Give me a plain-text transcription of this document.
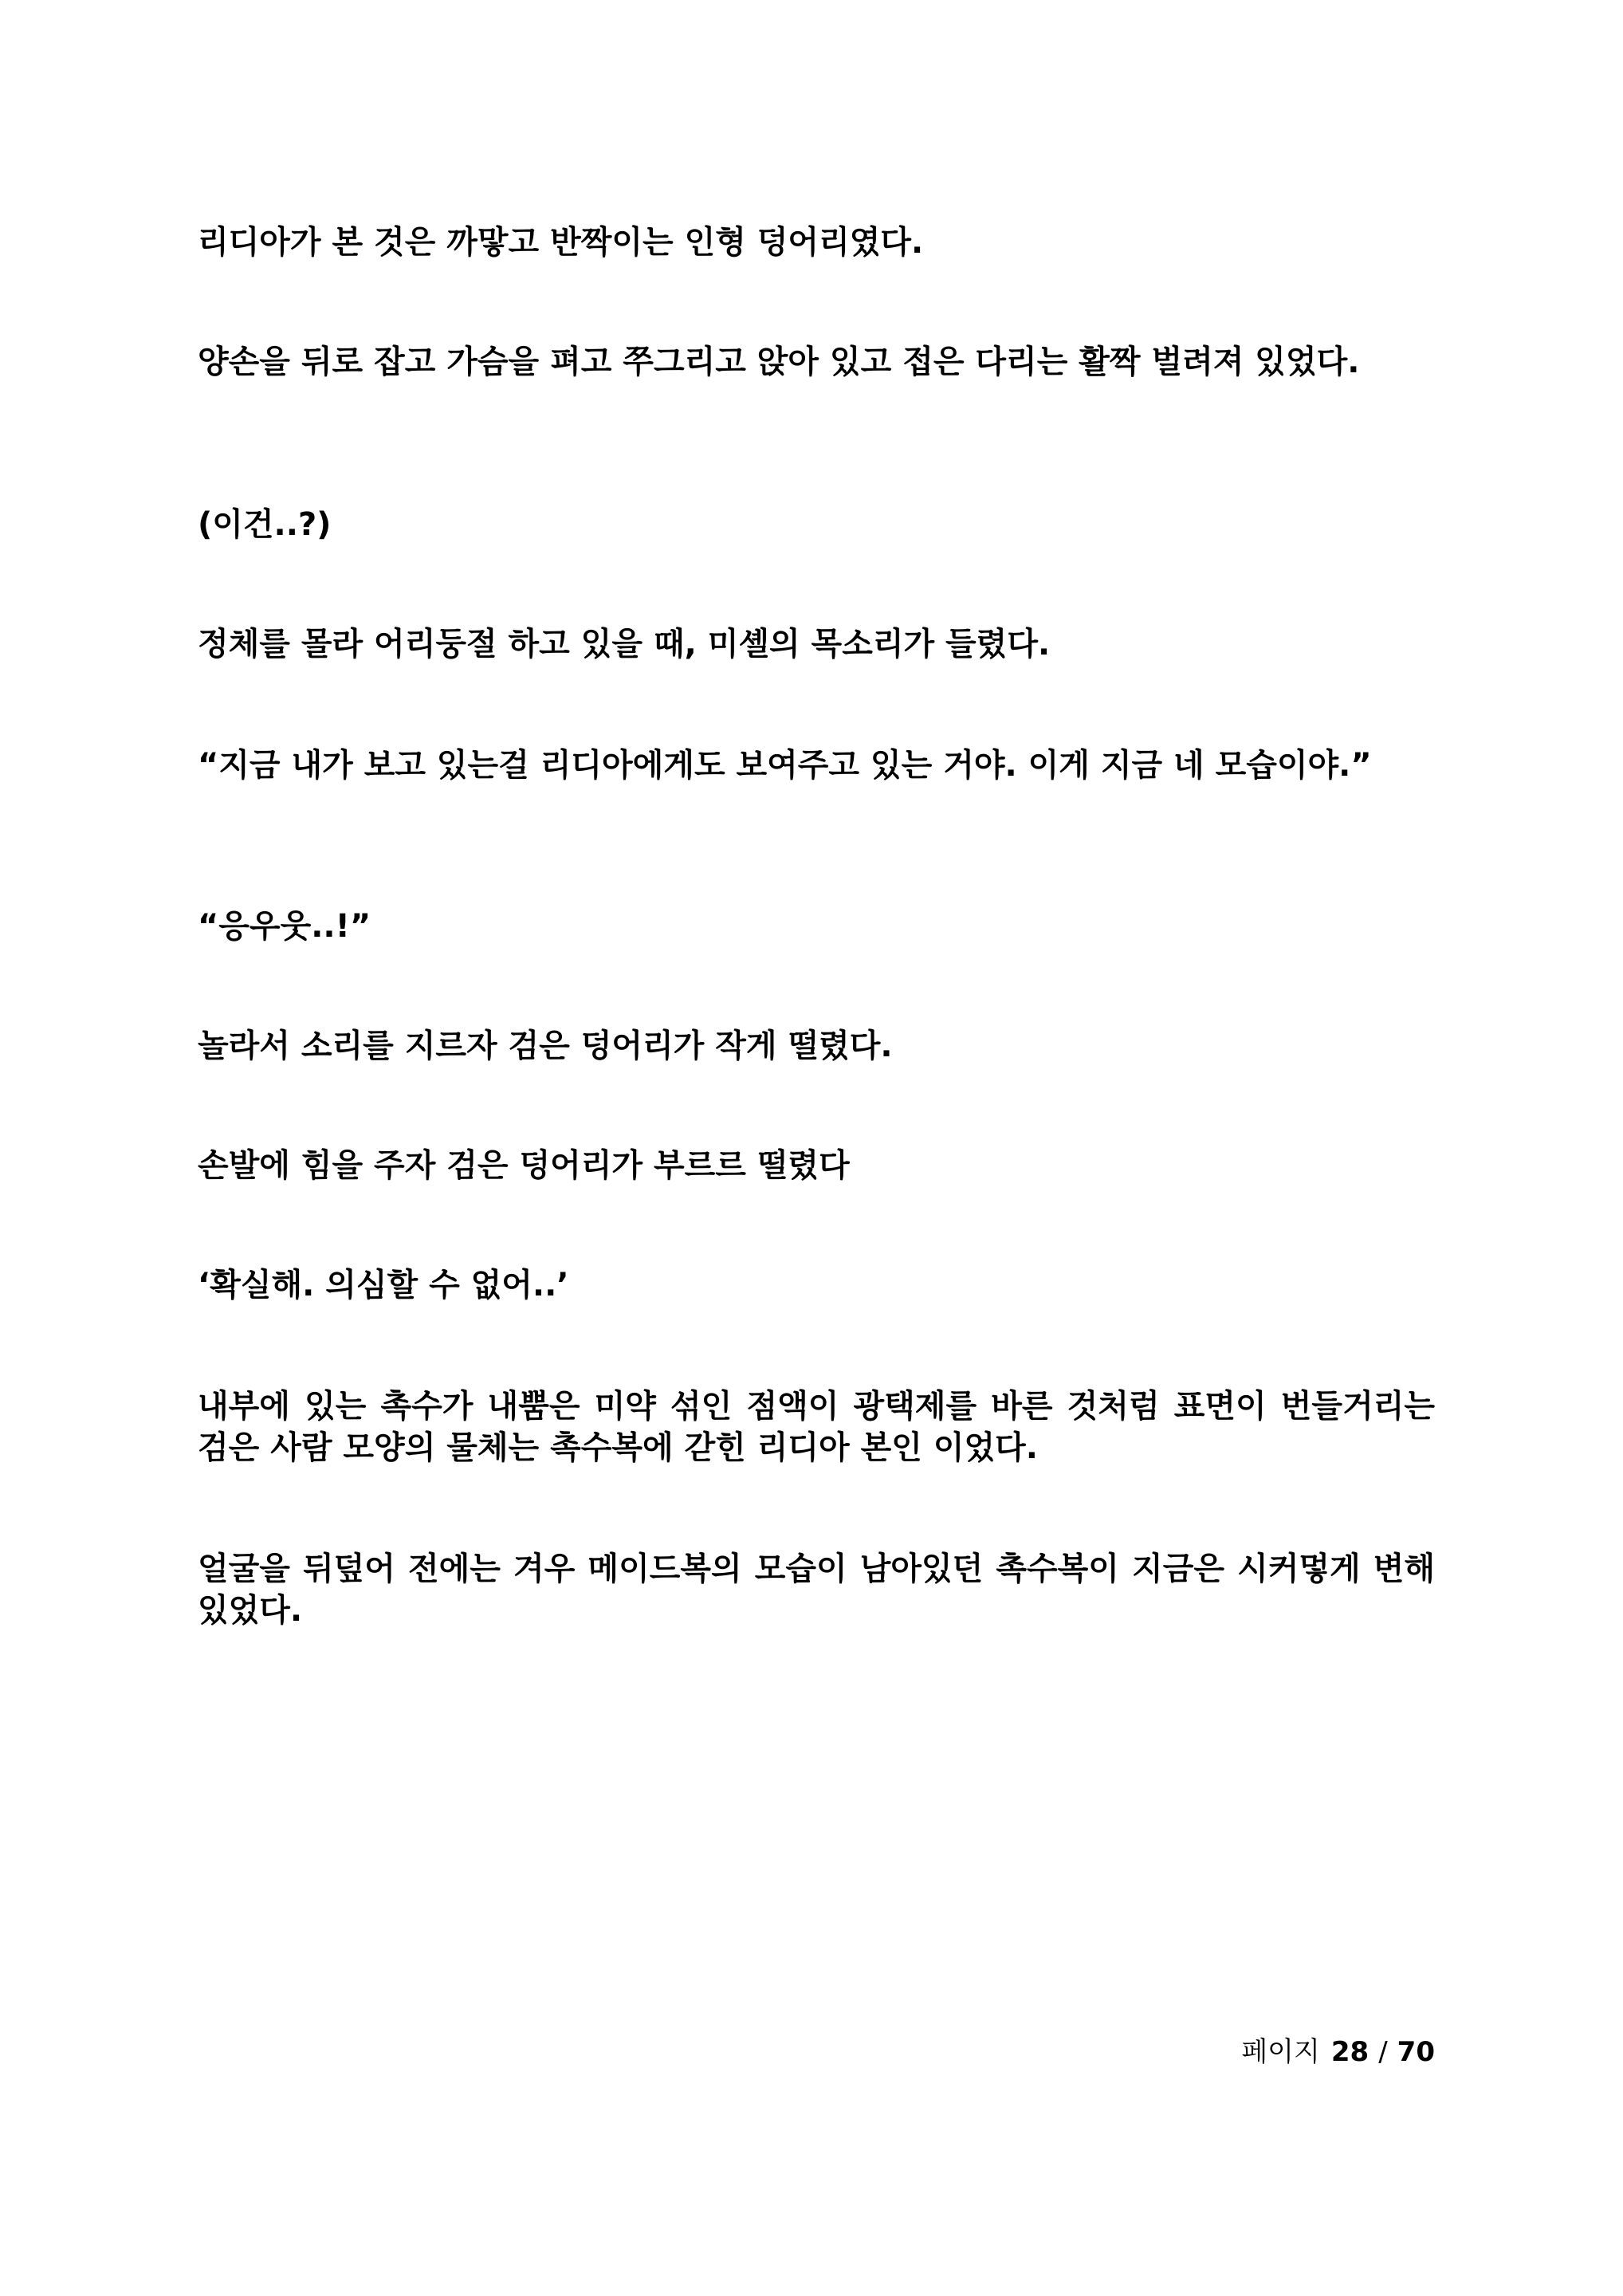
리디아가 본 것은 까맣고 반짝이는 인형 덩어리였다.

양손을 뒤로 잡고 가슴을 펴고 쭈그리고 앉아 있고 접은 다리는 활짝 벌려져 있었다.

(이건..?)

정체를 몰라 어리둥절 하고 있을 때, 미셸의 목소리가 들렸다.

“지금 내가 보고 있는걸 리디아에게도 보여주고 있는 거야. 이게 지금 네 모습이야.”

“응우웃..!”

놀라서 소리를 지르자 검은 덩어리가 작게 떨렸다.

손발에 힘을 주자 검은 덩어리가 부르르 떨렸다

‘확실해. 의심할 수 없어..’

내부에 있는 촉수가 내뿜은 미약 섞인 점액이 광택제를 바른 것처럼 표면이 번들거리는 검은 사람 모양의 물체는 촉수복에 갇힌 리디아 본인 이었다.

얼굴을 뒤덮어 전에는 겨우 메이드복의 모습이 남아있던 촉수복이 지금은 시커멓게 변해 있었다.

페이지 28 / 70
